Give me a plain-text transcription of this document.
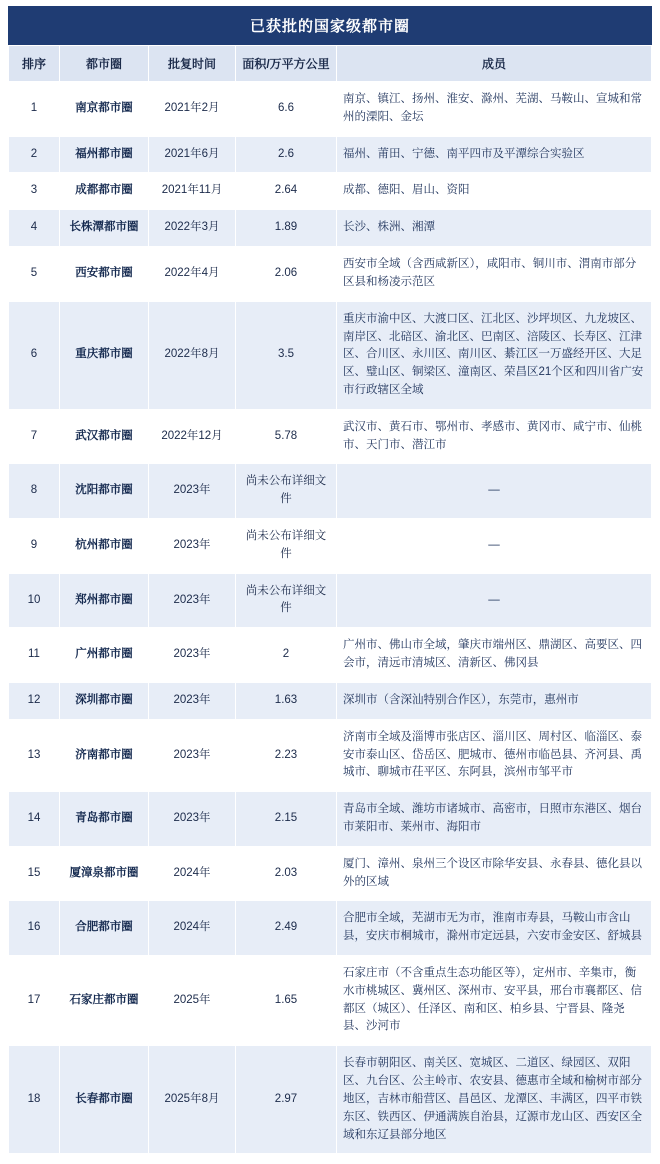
已获批的国家级都市圈
排序	都市圈	批复时间	面积/万平方公里	成员
1	南京都市圈	2021年2月	6.6	南京、镇江、扬州、淮安、滁州、芜湖、马鞍山、宣城和常州的溧阳、金坛
2	福州都市圈	2021年6月	2.6	福州、莆田、宁德、南平四市及平潭综合实验区
3	成都都市圈	2021年11月	2.64	成都、德阳、眉山、资阳
4	长株潭都市圈	2022年3月	1.89	长沙、株洲、湘潭
5	西安都市圈	2022年4月	2.06	西安市全域（含西咸新区），咸阳市、铜川市、渭南市部分区县和杨凌示范区
6	重庆都市圈	2022年8月	3.5	重庆市渝中区、大渡口区、江北区、沙坪坝区、九龙坡区、南岸区、北碚区、渝北区、巴南区、涪陵区、长寿区、江津区、合川区、永川区、南川区、綦江区一万盛经开区、大足区、璧山区、铜梁区、潼南区、荣昌区21个区和四川省广安市行政辖区全域
7	武汉都市圈	2022年12月	5.78	武汉市、黄石市、鄂州市、孝感市、黄冈市、咸宁市、仙桃市、天门市、潜江市
8	沈阳都市圈	2023年	尚未公布详细文件	—
9	杭州都市圈	2023年	尚未公布详细文件	—
10	郑州都市圈	2023年	尚未公布详细文件	—
11	广州都市圈	2023年	2	广州市、佛山市全域，肇庆市端州区、鼎湖区、高要区、四会市，清远市清城区、清新区、佛冈县
12	深圳都市圈	2023年	1.63	深圳市（含深汕特别合作区），东莞市，惠州市
13	济南都市圈	2023年	2.23	济南市全域及淄博市张店区、淄川区、周村区、临淄区、泰安市泰山区、岱岳区、肥城市、德州市临邑县、齐河县、禹城市、聊城市茌平区、东阿县，滨州市邹平市
14	青岛都市圈	2023年	2.15	青岛市全域、潍坊市诸城市、高密市，日照市东港区、烟台市莱阳市、莱州市、海阳市
15	厦漳泉都市圈	2024年	2.03	厦门、漳州、泉州三个设区市除华安县、永春县、德化县以外的区域
16	合肥都市圈	2024年	2.49	合肥市全域，芜湖市无为市，淮南市寿县，马鞍山市含山县，安庆市桐城市，滁州市定远县，六安市金安区、舒城县
17	石家庄都市圈	2025年	1.65	石家庄市（不含重点生态功能区等），定州市、辛集市，衡水市桃城区、冀州区、深州市、安平县，邢台市襄都区、信都区（城区）、任泽区、南和区、柏乡县、宁晋县、隆尧县、沙河市
18	长春都市圈	2025年8月	2.97	长春市朝阳区、南关区、宽城区、二道区、绿园区、双阳区、九台区、公主岭市、农安县、德惠市全域和榆树市部分地区，吉林市船营区、昌邑区、龙潭区、丰满区，四平市铁东区、铁西区、伊通满族自治县，辽源市龙山区、西安区全域和东辽县部分地区
